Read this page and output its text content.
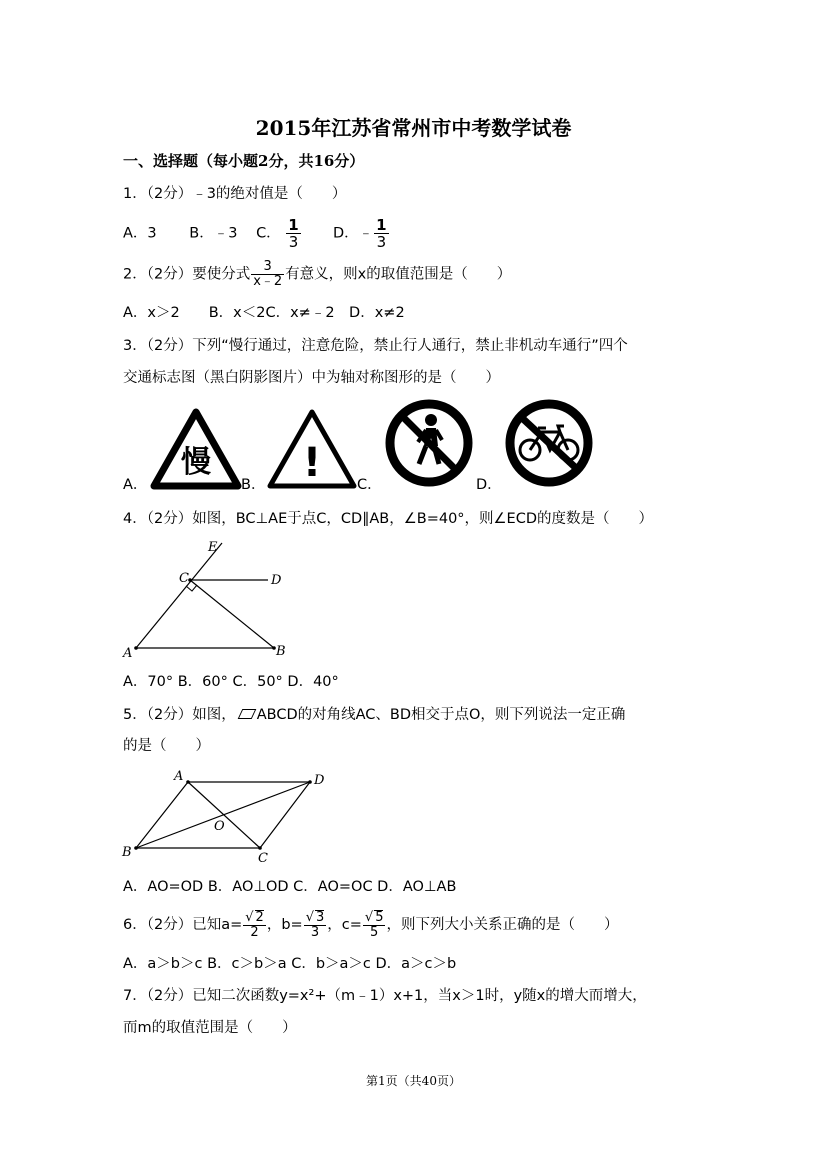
2015年江苏省常州市中考数学试卷
一、选择题（每小题2分，共16分）
1．（2分）﹣3的绝对值是（　　）
A．3 B．﹣3 C． $\frac{1}{3}$ D．﹣ $\frac{1}{3}$
2．（2分）要使分式 $\frac{3}{x﹣2}$ 有意义，则x的取值范围是（　　）
A．x＞2　　B．x＜2C．x≠﹣2　D．x≠2
3．（2分）下列“慢行通过，注意危险，禁止行人通行，禁止非机动车通行”四个
交通标志图（黑白阴影图片）中为轴对称图形的是（　　）
A．
慢
B． ! C．	D．
4．（2分）如图，BC⊥AE于点C，CD∥AB，∠B=40°，则∠ECD的度数是（　　）
E
C	D
A	B
A．70° B．60° C．50° D．40°
5．（2分）如图， ABCD的对角线AC、BD相交于点O，则下列说法一定正确
的是（　　）
A	D
O
B	C
A．AO=OD B．AO⊥OD C．AO=OC D．AO⊥AB
6．（2分）已知$a= \frac{√ 2}{2}$ ，$b= \frac{√ 3}{3}$ ，$c= \frac{√ 5}{5}$ ，则下列大小关系正确的是（　　）
A．a＞b＞c B．c＞b＞a C．b＞a＞c D．a＞c＞b
7．（2分）已知二次函数y=x²+（m﹣1）x+1，当x＞1时，y随x的增大而增大，
而m的取值范围是（　　）
第1页（共40页）
